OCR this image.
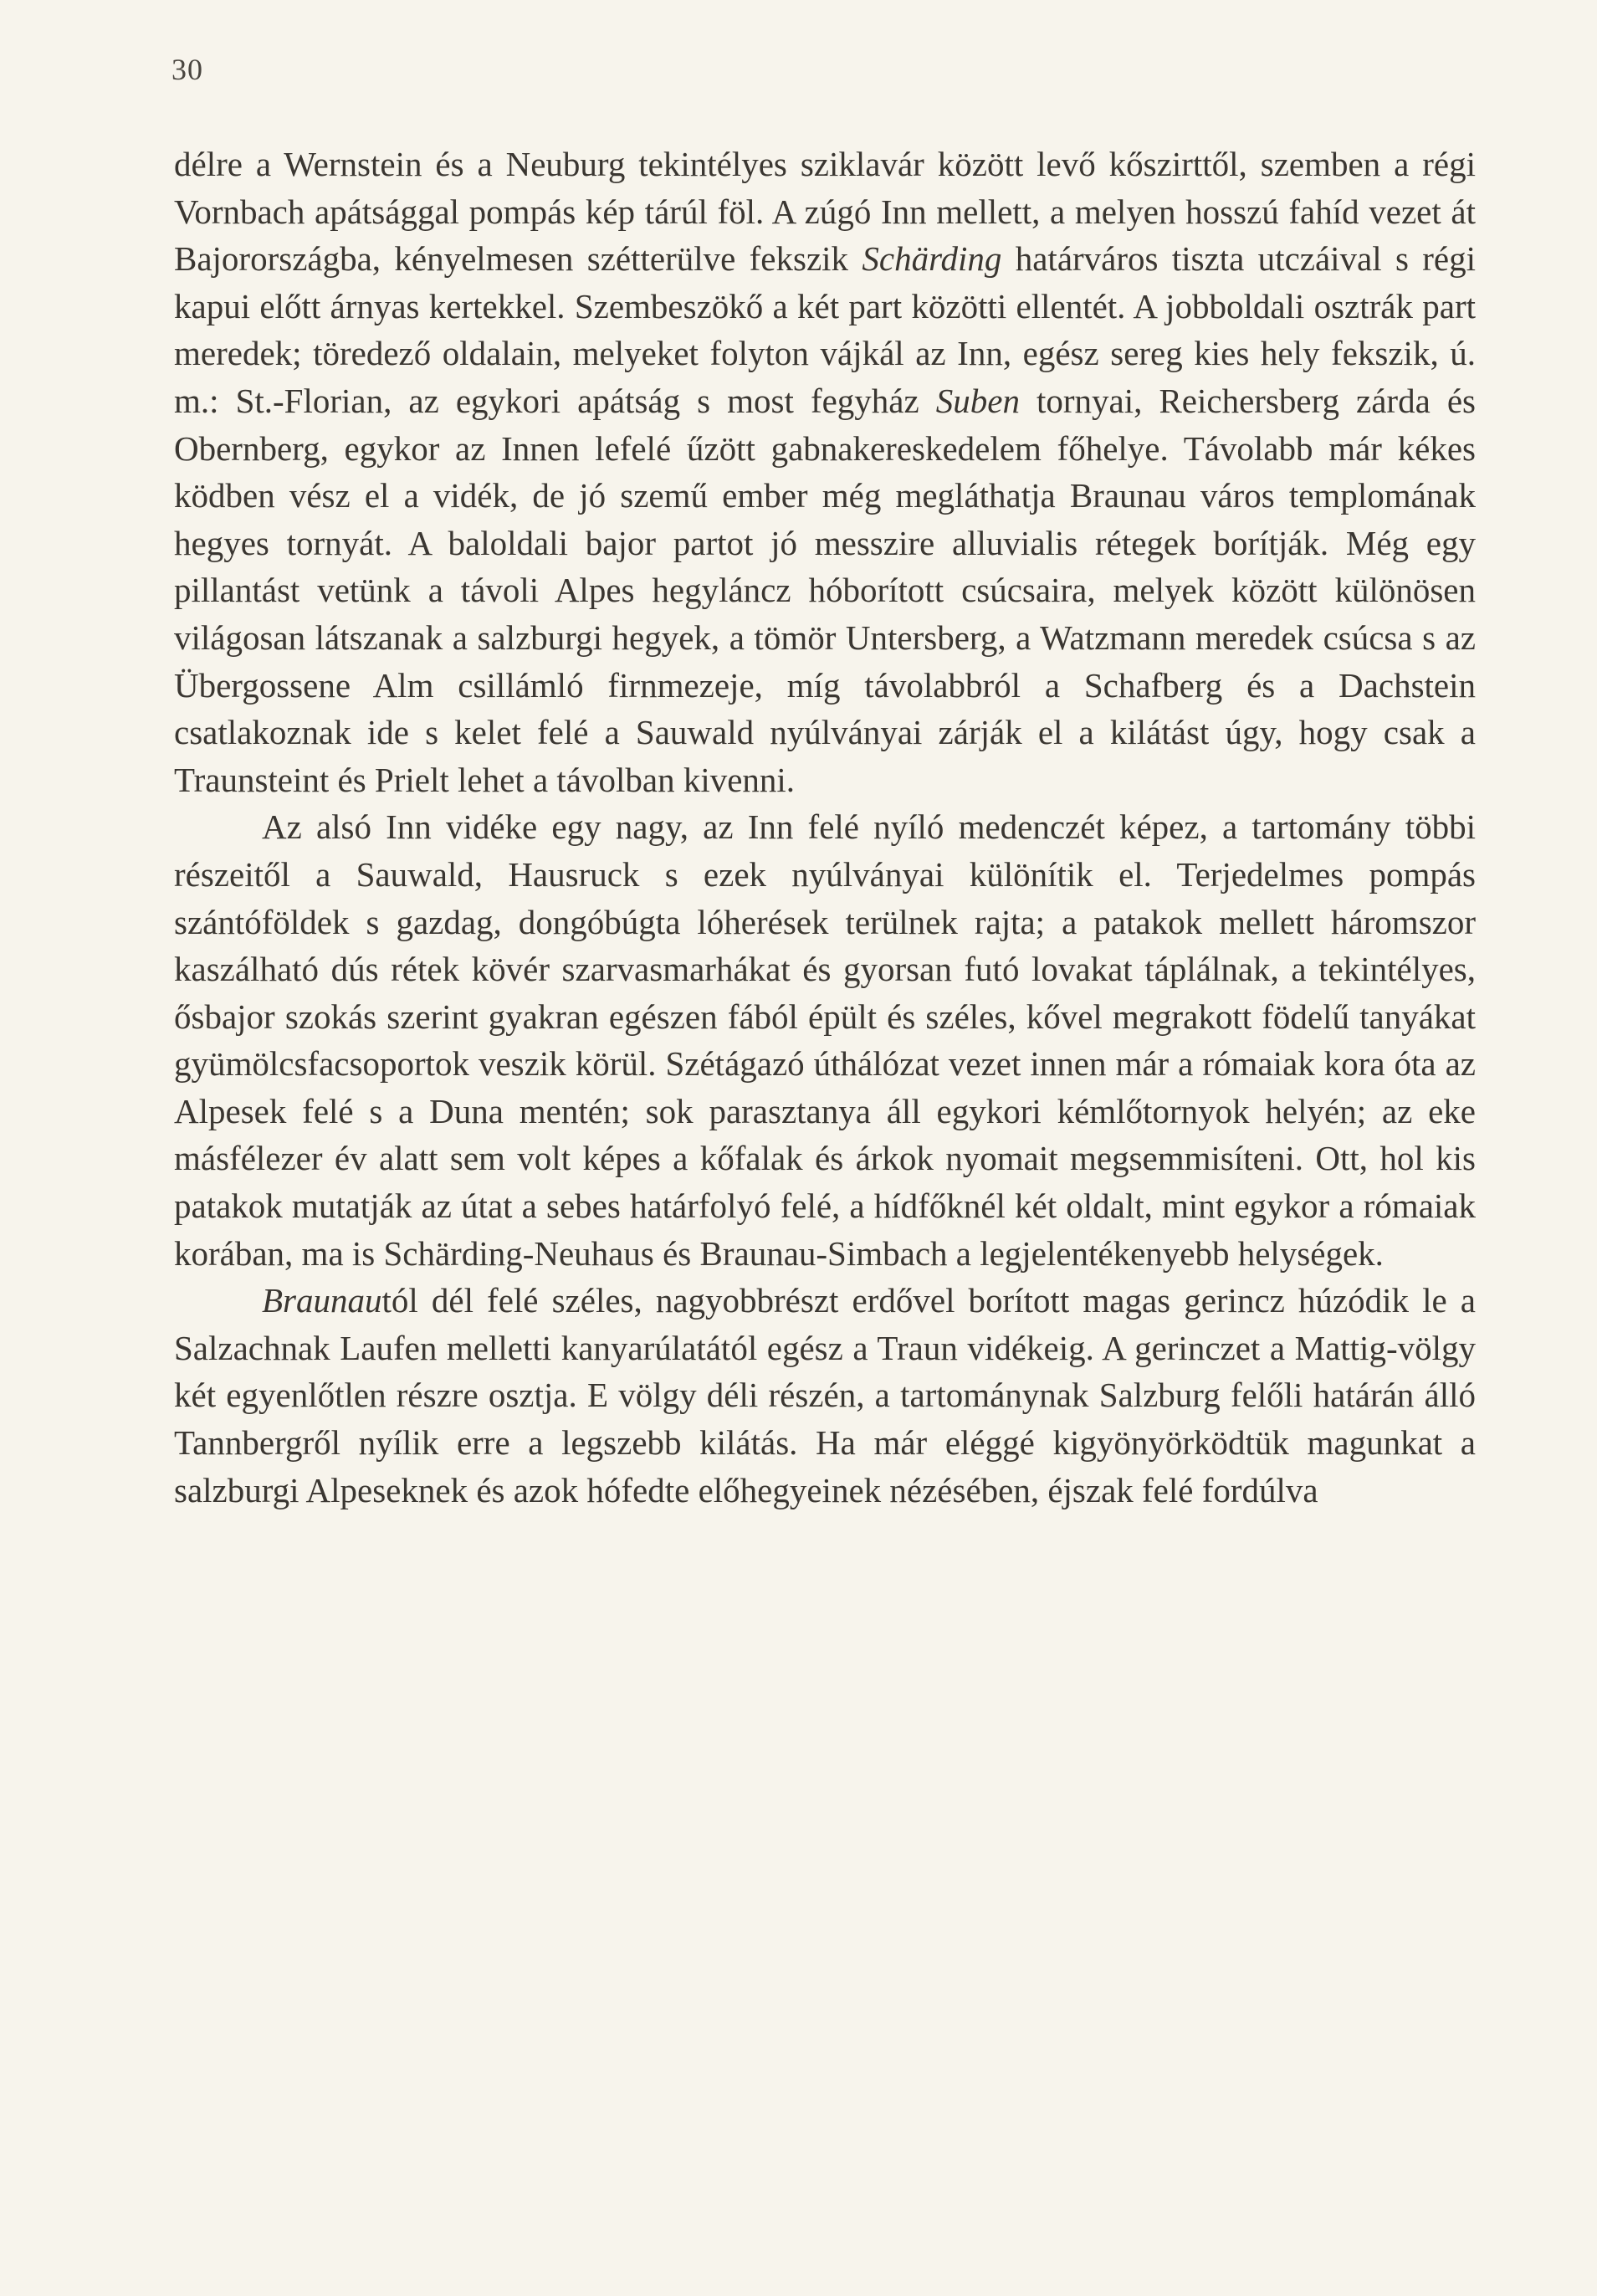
30

délre a Wernstein és a Neuburg tekintélyes sziklavár között levő kőszirttől, szemben a régi Vornbach apátsággal pompás kép tárúl föl. A zúgó Inn mellett, a melyen hosszú fahíd vezet át Bajorországba, kényelmesen szétterülve fekszik Schärding határváros tiszta utczáival s régi kapui előtt árnyas kertekkel. Szembeszökő a két part közötti ellentét. A jobboldali osztrák part meredek; töredező oldalain, melyeket folyton vájkál az Inn, egész sereg kies hely fekszik, ú. m.: St.-Florian, az egykori apátság s most fegyház Suben tornyai, Reichersberg zárda és Obernberg, egykor az Innen lefelé űzött gabnakereskedelem főhelye. Távolabb már kékes ködben vész el a vidék, de jó szemű ember még megláthatja Braunau város templomának hegyes tornyát. A baloldali bajor partot jó messzire alluvialis rétegek borítják. Még egy pillantást vetünk a távoli Alpes hegyláncz hóborított csúcsaira, melyek között különösen világosan látszanak a salzburgi hegyek, a tömör Untersberg, a Watzmann meredek csúcsa s az Übergossene Alm csillámló firnmezeje, míg távolabbról a Schafberg és a Dachstein csatlakoznak ide s kelet felé a Sauwald nyúlványai zárják el a kilátást úgy, hogy csak a Traunsteint és Prielt lehet a távolban kivenni.

Az alsó Inn vidéke egy nagy, az Inn felé nyíló medenczét képez, a tartomány többi részeitől a Sauwald, Hausruck s ezek nyúlványai különítik el. Terjedelmes pompás szántóföldek s gazdag, dongóbúgta lóherések terülnek rajta; a patakok mellett háromszor kaszálható dús rétek kövér szarvasmarhákat és gyorsan futó lovakat táplálnak, a tekintélyes, ősbajor szokás szerint gyakran egészen fából épült és széles, kővel megrakott födelű tanyákat gyümölcsfacsoportok veszik körül. Szétágazó úthálózat vezet innen már a rómaiak kora óta az Alpesek felé s a Duna mentén; sok parasztanya áll egykori kémlőtornyok helyén; az eke másfélezer év alatt sem volt képes a kőfalak és árkok nyomait megsemmisíteni. Ott, hol kis patakok mutatják az útat a sebes határfolyó felé, a hídfőknél két oldalt, mint egykor a rómaiak korában, ma is Schärding-Neuhaus és Braunau-Simbach a legjelentékenyebb helységek.

Braunautól dél felé széles, nagyobbrészt erdővel borított magas gerincz húzódik le a Salzachnak Laufen melletti kanyarúlatától egész a Traun vidékeig. A gerinczet a Mattig-völgy két egyenlőtlen részre osztja. E völgy déli részén, a tartománynak Salzburg felőli határán álló Tannbergről nyílik erre a legszebb kilátás. Ha már eléggé kigyönyörködtük magunkat a salzburgi Alpeseknek és azok hófedte előhegyeinek nézésében, éjszak felé fordúlva
